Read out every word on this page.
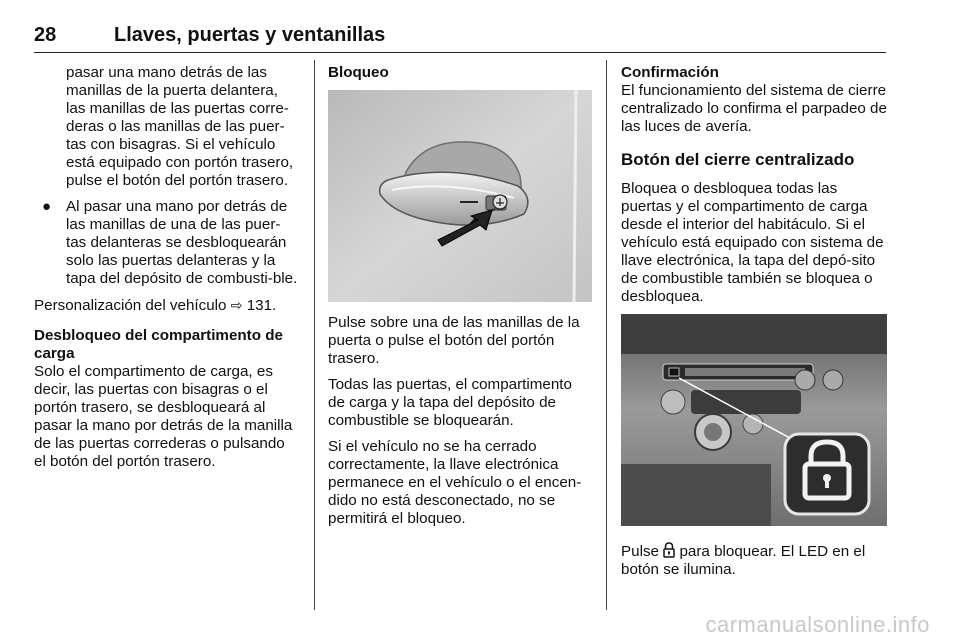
28	Llaves, puertas y ventanillas

pasar una mano detrás de las manillas de la puerta delantera, las manillas de las puertas corre-deras o las manillas de las puer-tas con bisagras. Si el vehículo está equipado con portón trasero, pulse el botón del portón trasero.

● Al pasar una mano por detrás de las manillas de una de las puer-tas delanteras se desbloquearán solo las puertas delanteras y la tapa del depósito de combusti-ble.

Personalización del vehículo ⇨ 131.

Desbloqueo del compartimento de carga

Solo el compartimento de carga, es decir, las puertas con bisagras o el portón trasero, se desbloqueará al pasar la mano por detrás de la manilla de las puertas correderas o pulsando el botón del portón trasero.

Bloqueo

Pulse sobre una de las manillas de la puerta o pulse el botón del portón trasero.

Todas las puertas, el compartimento de carga y la tapa del depósito de combustible se bloquearán.

Si el vehículo no se ha cerrado correctamente, la llave electrónica permanece en el vehículo o el encen-dido no está desconectado, no se permitirá el bloqueo.

Confirmación

El funcionamiento del sistema de cierre centralizado lo confirma el parpadeo de las luces de avería.

Botón del cierre centralizado

Bloquea o desbloquea todas las puertas y el compartimento de carga desde el interior del habitáculo. Si el vehículo está equipado con sistema de llave electrónica, la tapa del depó-sito de combustible también se bloquea o desbloquea.

Pulse para bloquear. El LED en el botón se ilumina.

carmanualsonline.info
